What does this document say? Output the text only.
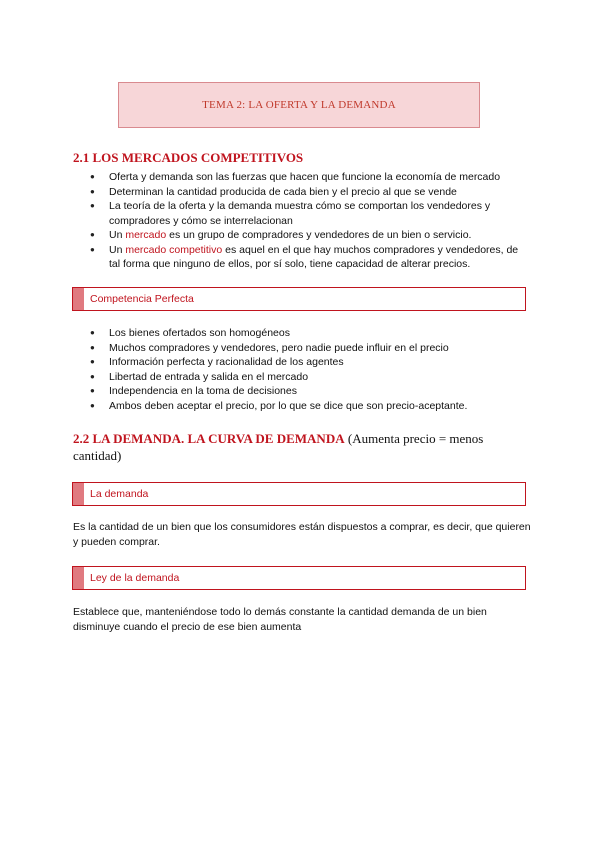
TEMA 2: LA OFERTA Y LA DEMANDA
2.1 LOS MERCADOS COMPETITIVOS
● Oferta y demanda son las fuerzas que hacen que funcione la economía de mercado
● Determinan la cantidad producida de cada bien y el precio al que se vende
● La teoría de la oferta y la demanda muestra cómo se comportan los vendedores y compradores y cómo se interrelacionan
● Un mercado es un grupo de compradores y vendedores de un bien o servicio.
● Un mercado competitivo es aquel en el que hay muchos compradores y vendedores, de tal forma que ninguno de ellos, por sí solo, tiene capacidad de alterar precios.
Competencia Perfecta
● Los bienes ofertados son homogéneos
● Muchos compradores y vendedores, pero nadie puede influir en el precio
● Información perfecta y racionalidad de los agentes
● Libertad de entrada y salida en el mercado
● Independencia en la toma de decisiones
● Ambos deben aceptar el precio, por lo que se dice que son precio-aceptante.
2.2 LA DEMANDA. LA CURVA DE DEMANDA (Aumenta precio = menos cantidad)
La demanda
Es la cantidad de un bien que los consumidores están dispuestos a comprar, es decir, que quieren y pueden comprar.
Ley de la demanda
Establece que, manteniéndose todo lo demás constante la cantidad demanda de un bien disminuye cuando el precio de ese bien aumenta
